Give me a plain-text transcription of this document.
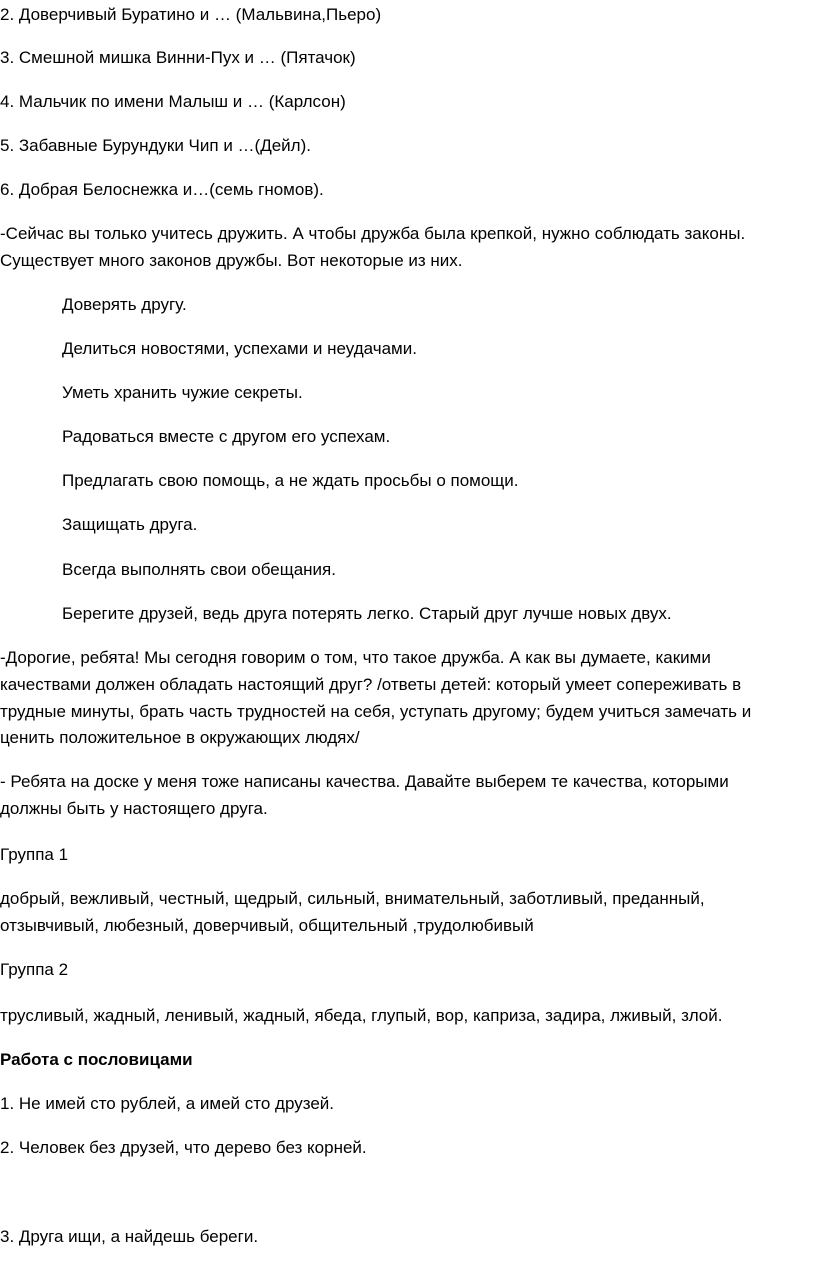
2. Доверчивый Буратино и … (Мальвина,Пьеро)

3. Смешной мишка Винни-Пух и … (Пятачок)

4. Мальчик по имени Малыш и … (Карлсон)

5. Забавные Бурундуки Чип и …(Дейл).

6. Добрая Белоснежка и…(семь гномов).

-Сейчас вы только учитесь дружить. А чтобы дружба была крепкой, нужно соблюдать законы.

Существует много законов дружбы. Вот некоторые из них.

Доверять другу.

Делиться новостями, успехами и неудачами.

Уметь хранить чужие секреты.

Радоваться вместе с другом его успехам.

Предлагать свою помощь, а не ждать просьбы о помощи.

Защищать друга.

Всегда выполнять свои обещания.

Берегите друзей, ведь друга потерять легко. Старый друг лучше новых двух.

-Дорогие, ребята! Мы сегодня говорим о том, что такое дружба. А как вы думаете, какими

качествами должен обладать настоящий друг? /ответы детей: который умеет сопереживать в

трудные минуты, брать часть трудностей на себя, уступать другому; будем учиться замечать и

ценить положительное в окружающих людях/

- Ребята на доске у меня тоже написаны качества. Давайте выберем те качества, которыми

должны быть у настоящего друга.

Группа 1

добрый, вежливый, честный, щедрый, сильный, внимательный, заботливый, преданный,

отзывчивый, любезный, доверчивый, общительный ,трудолюбивый

Группа 2

трусливый, жадный, ленивый, жадный, ябеда, глупый, вор, каприза, задира, лживый, злой.

Работа с пословицами

1. Не имей сто рублей, а имей сто друзей.

2. Человек без друзей, что дерево без корней.

3. Друга ищи, а найдешь береги.
